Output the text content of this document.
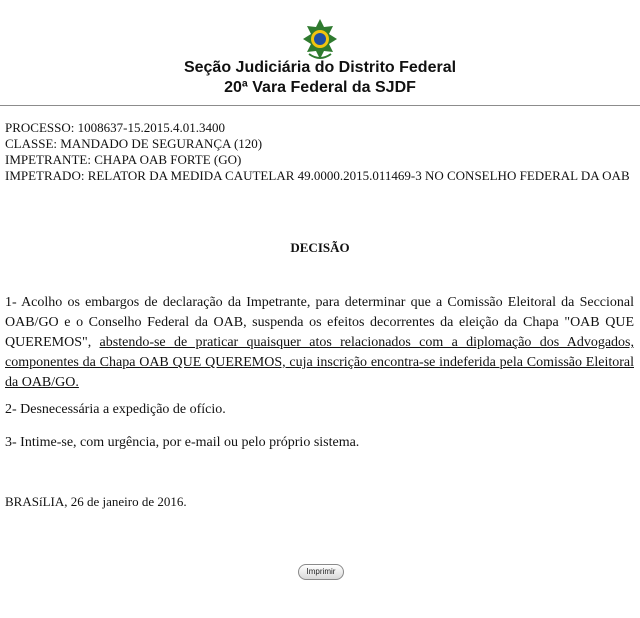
Seção Judiciária do Distrito Federal
20ª Vara Federal da SJDF
PROCESSO: 1008637-15.2015.4.01.3400
CLASSE: MANDADO DE SEGURANÇA (120)
IMPETRANTE: CHAPA OAB FORTE (GO)
IMPETRADO: RELATOR DA MEDIDA CAUTELAR 49.0000.2015.011469-3 NO CONSELHO FEDERAL DA OAB
DECISÃO
1- Acolho os embargos de declaração da Impetrante, para determinar que a Comissão Eleitoral da Seccional OAB/GO e o Conselho Federal da OAB, suspenda os efeitos decorrentes da eleição da Chapa "OAB QUE QUEREMOS", abstendo-se de praticar quaisquer atos relacionados com a diplomação dos Advogados, componentes da Chapa OAB QUE QUEREMOS, cuja inscrição encontra-se indeferida pela Comissão Eleitoral da OAB/GO.
2- Desnecessária a expedição de ofício.
3- Intime-se, com urgência, por e-mail ou pelo próprio sistema.
BRASíLIA, 26 de janeiro de 2016.
Imprimir
